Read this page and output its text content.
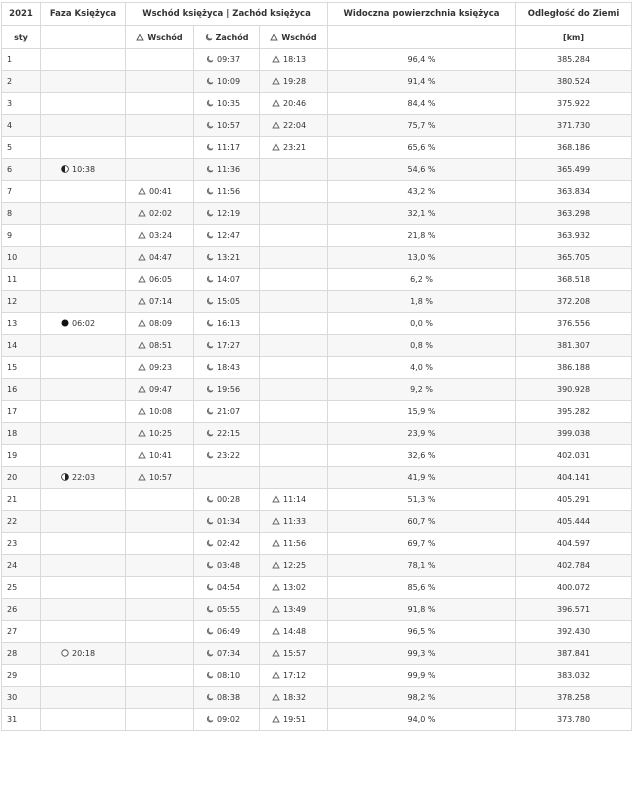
2021	Faza Księżyca	Wschód księżyca | Zachód księżyca			Widoczna powierzchnia księżyca	Odległość do Ziemi
sty		Wschód	Zachód	Wschód		[km]
1			09:37	18:13	96,4 %	385.284
2			10:09	19:28	91,4 %	380.524
3			10:35	20:46	84,4 %	375.922
4			10:57	22:04	75,7 %	371.730
5			11:17	23:21	65,6 %	368.186
6	10:38		11:36		54,6 %	365.499
7		00:41	11:56		43,2 %	363.834
8		02:02	12:19		32,1 %	363.298
9		03:24	12:47		21,8 %	363.932
10		04:47	13:21		13,0 %	365.705
11		06:05	14:07		6,2 %	368.518
12		07:14	15:05		1,8 %	372.208
13	06:02	08:09	16:13		0,0 %	376.556
14		08:51	17:27		0,8 %	381.307
15		09:23	18:43		4,0 %	386.188
16		09:47	19:56		9,2 %	390.928
17		10:08	21:07		15,9 %	395.282
18		10:25	22:15		23,9 %	399.038
19		10:41	23:22		32,6 %	402.031
20	22:03	10:57			41,9 %	404.141
21			00:28	11:14	51,3 %	405.291
22			01:34	11:33	60,7 %	405.444
23			02:42	11:56	69,7 %	404.597
24			03:48	12:25	78,1 %	402.784
25			04:54	13:02	85,6 %	400.072
26			05:55	13:49	91,8 %	396.571
27			06:49	14:48	96,5 %	392.430
28	20:18		07:34	15:57	99,3 %	387.841
29			08:10	17:12	99,9 %	383.032
30			08:38	18:32	98,2 %	378.258
31			09:02	19:51	94,0 %	373.780
